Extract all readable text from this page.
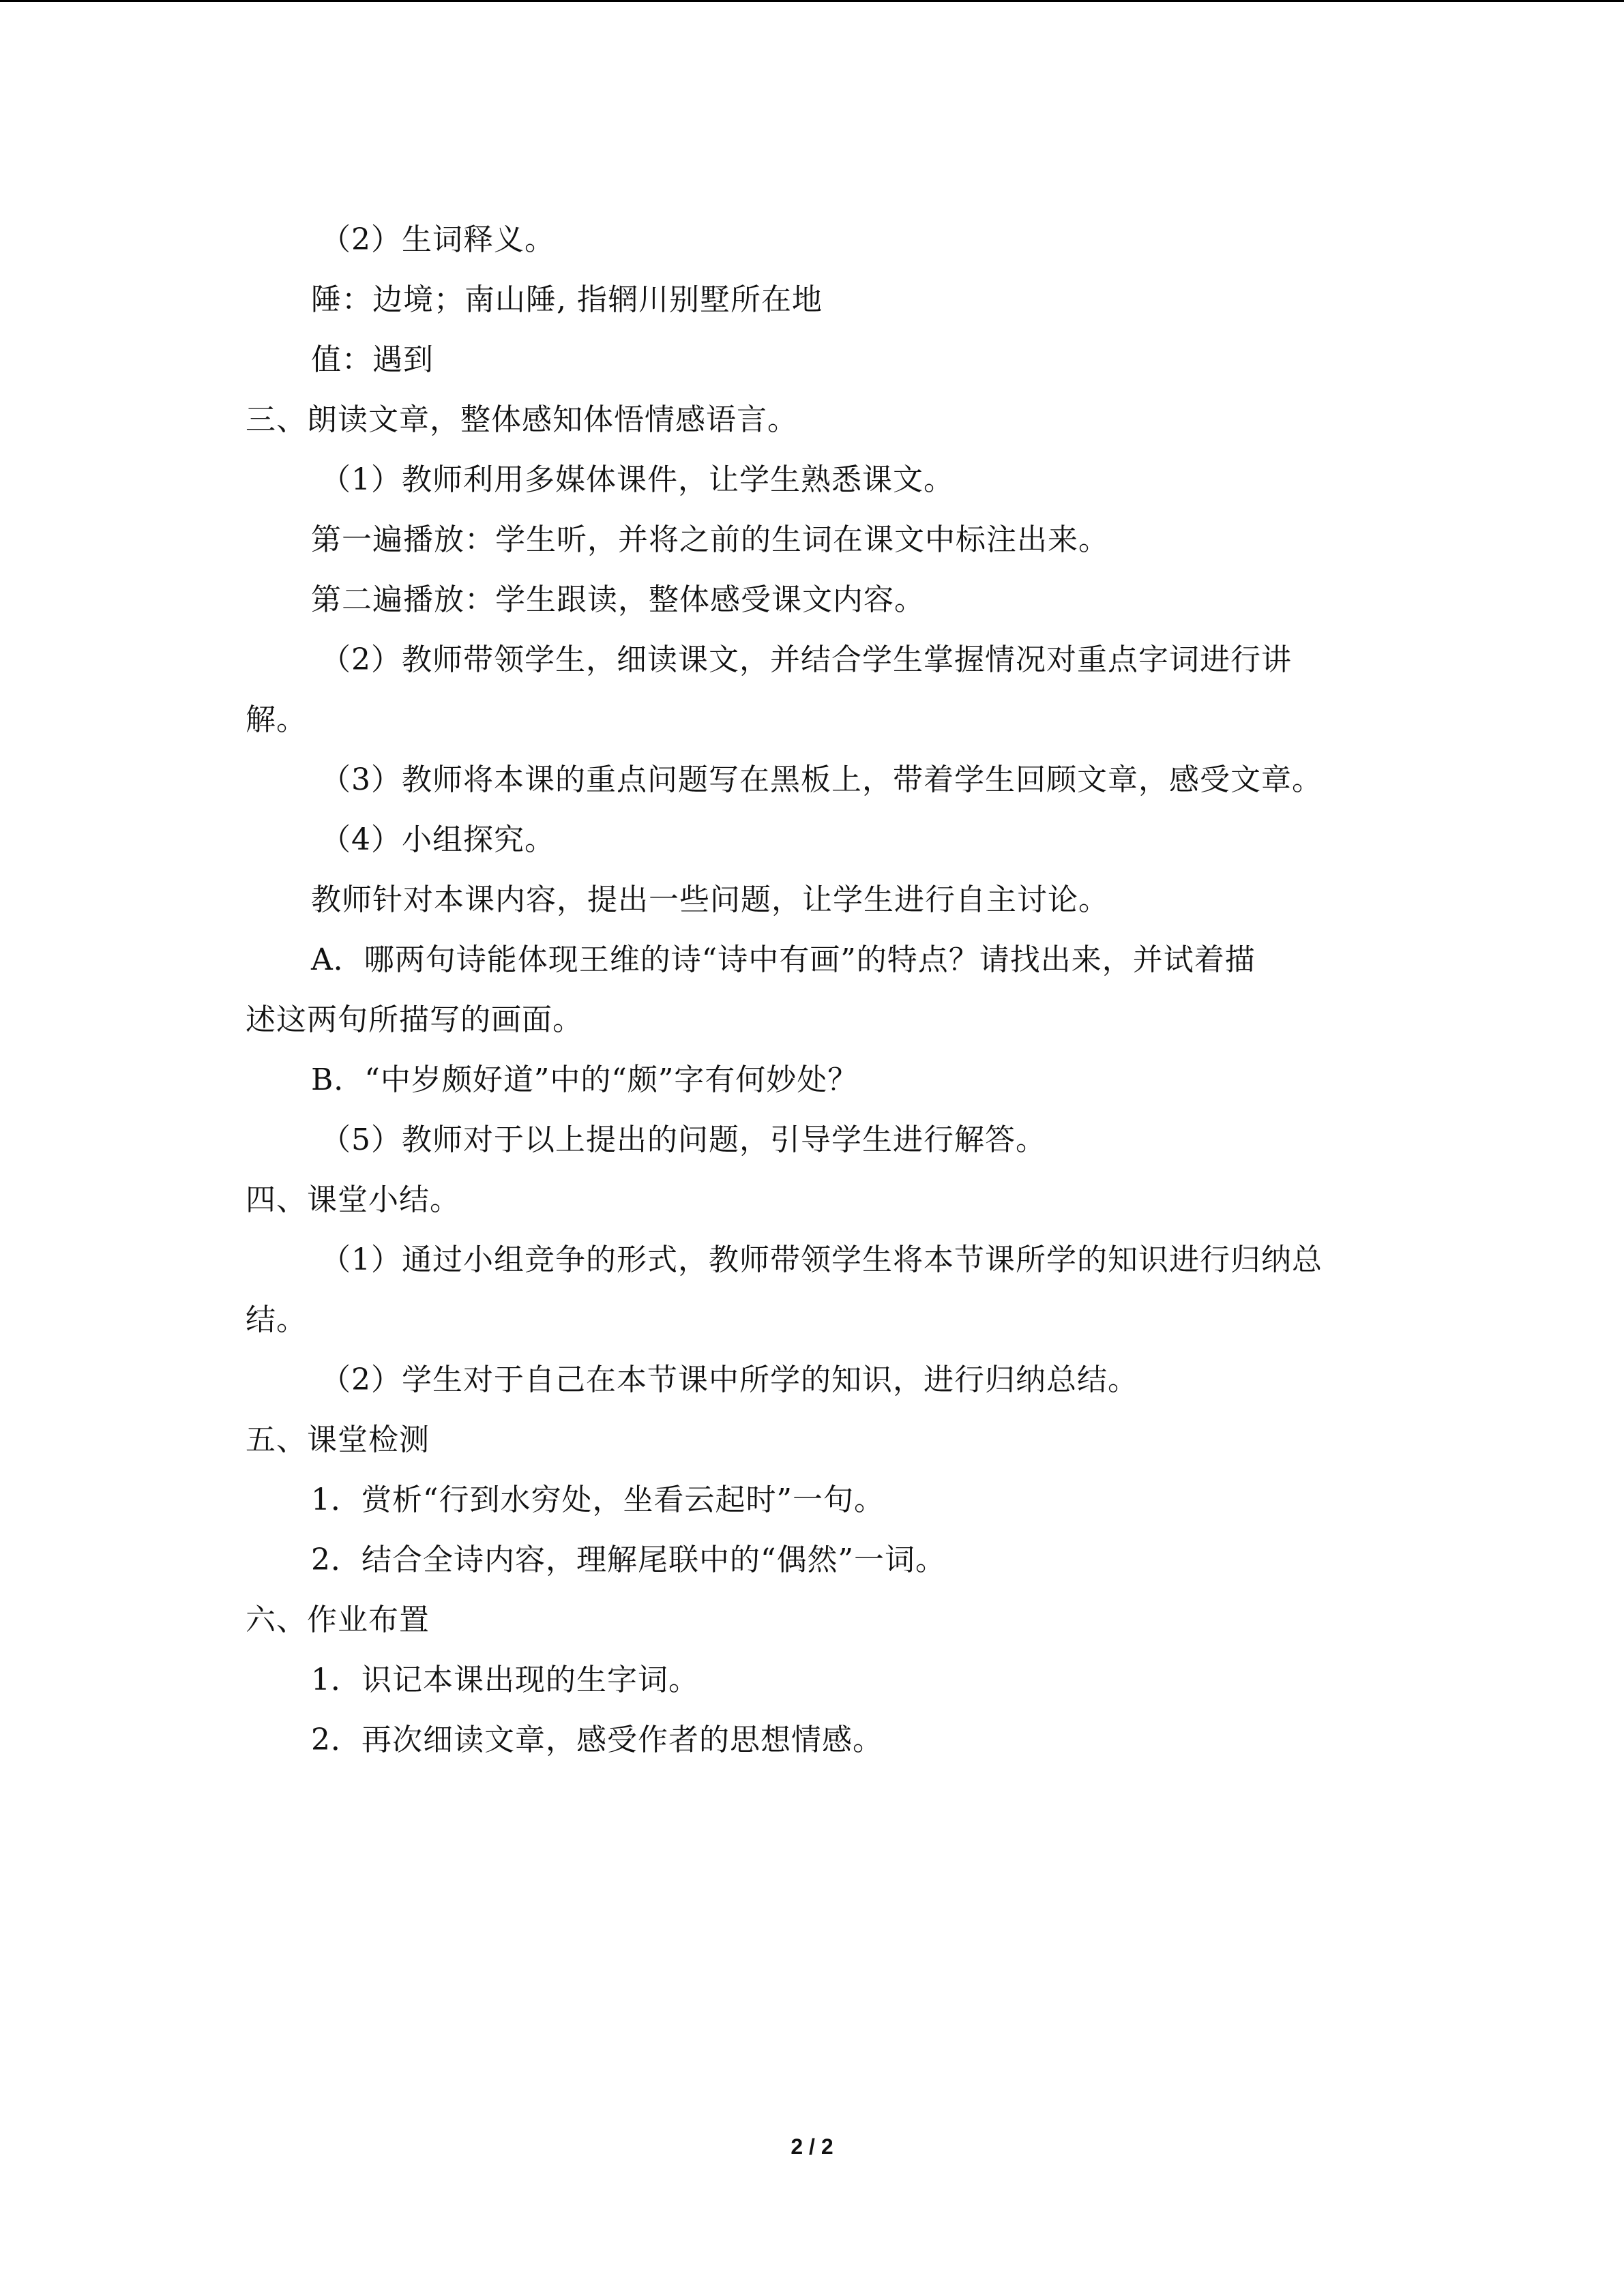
（2）生词释义。
陲：边境；南山陲, 指辋川别墅所在地
值：遇到
三、朗读文章，整体感知体悟情感语言。
（1）教师利用多媒体课件，让学生熟悉课文。
第一遍播放：学生听，并将之前的生词在课文中标注出来。
第二遍播放：学生跟读，整体感受课文内容。
（2）教师带领学生，细读课文，并结合学生掌握情况对重点字词进行讲
解。
（3）教师将本课的重点问题写在黑板上，带着学生回顾文章，感受文章。
（4）小组探究。
教师针对本课内容，提出一些问题，让学生进行自主讨论。
A．哪两句诗能体现王维的诗“诗中有画”的特点？请找出来，并试着描
述这两句所描写的画面。
B．“中岁颇好道”中的“颇”字有何妙处？
（5）教师对于以上提出的问题，引导学生进行解答。
四、课堂小结。
（1）通过小组竞争的形式，教师带领学生将本节课所学的知识进行归纳总
结。
（2）学生对于自己在本节课中所学的知识，进行归纳总结。
五、课堂检测
1．赏析“行到水穷处，坐看云起时”一句。
2．结合全诗内容，理解尾联中的“偶然”一词。
六、作业布置
1．识记本课出现的生字词。
2．再次细读文章，感受作者的思想情感。
2 / 2
